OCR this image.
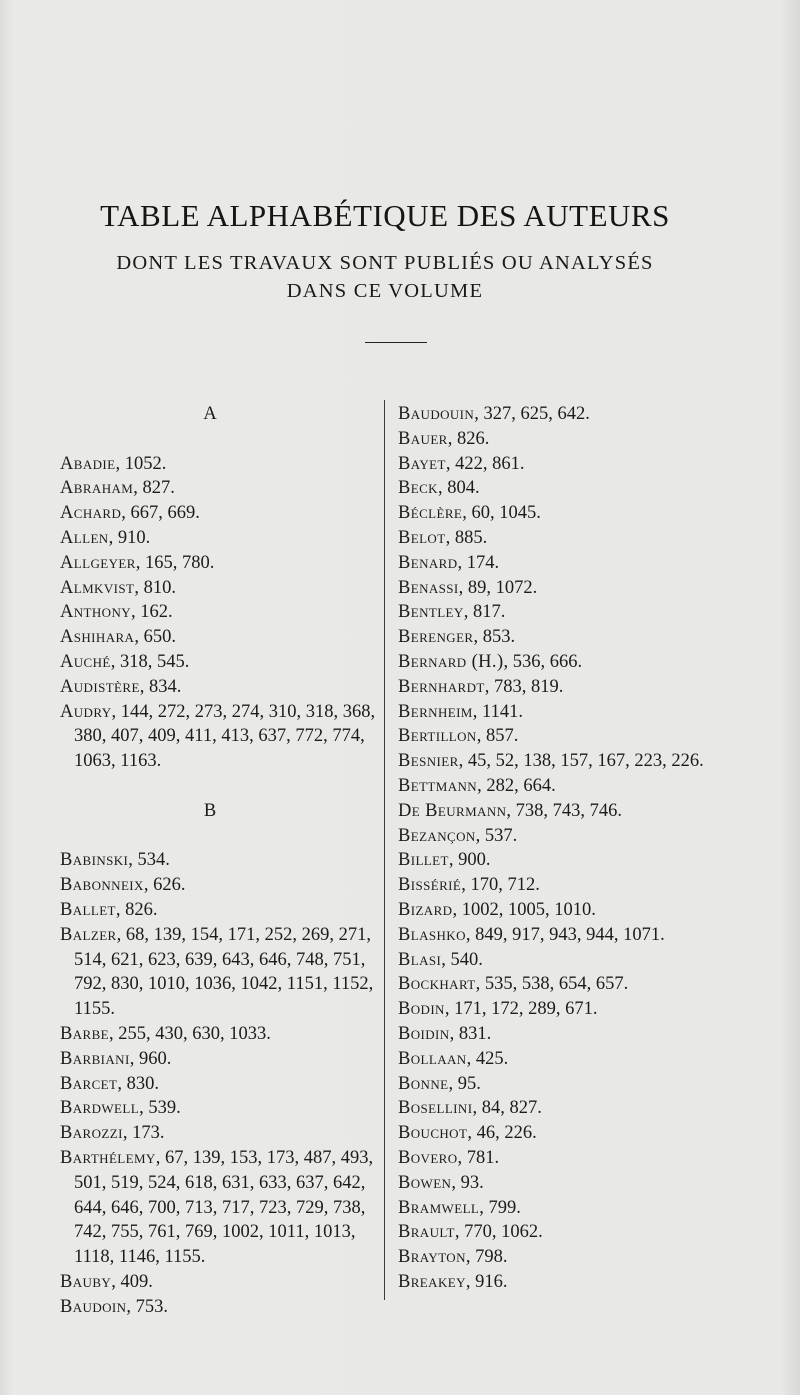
TABLE ALPHABÉTIQUE DES AUTEURS
DONT LES TRAVAUX SONT PUBLIÉS OU ANALYSÉS
DANS CE VOLUME
A
Abadie, 1052.
Abraham, 827.
Achard, 667, 669.
Allen, 910.
Allgeyer, 165, 780.
Almkvist, 810.
Anthony, 162.
Ashihara, 650.
Auché, 318, 545.
Audistère, 834.
Audry, 144, 272, 273, 274, 310, 318, 368, 380, 407, 409, 411, 413, 637, 772, 774, 1063, 1163.
B
Babinski, 534.
Babonneix, 626.
Ballet, 826.
Balzer, 68, 139, 154, 171, 252, 269, 271, 514, 621, 623, 639, 643, 646, 748, 751, 792, 830, 1010, 1036, 1042, 1151, 1152, 1155.
Barbe, 255, 430, 630, 1033.
Barbiani, 960.
Barcet, 830.
Bardwell, 539.
Barozzi, 173.
Barthélemy, 67, 139, 153, 173, 487, 493, 501, 519, 524, 618, 631, 633, 637, 642, 644, 646, 700, 713, 717, 723, 729, 738, 742, 755, 761, 769, 1002, 1011, 1013, 1118, 1146, 1155.
Bauby, 409.
Baudoin, 753.
Baudouin, 327, 625, 642.
Bauer, 826.
Bayet, 422, 861.
Beck, 804.
Béclère, 60, 1045.
Belot, 885.
Benard, 174.
Benassi, 89, 1072.
Bentley, 817.
Berenger, 853.
Bernard (H.), 536, 666.
Bernhardt, 783, 819.
Bernheim, 1141.
Bertillon, 857.
Besnier, 45, 52, 138, 157, 167, 223, 226.
Bettmann, 282, 664.
De Beurmann, 738, 743, 746.
Bezançon, 537.
Billet, 900.
Bissérié, 170, 712.
Bizard, 1002, 1005, 1010.
Blashko, 849, 917, 943, 944, 1071.
Blasi, 540.
Bockhart, 535, 538, 654, 657.
Bodin, 171, 172, 289, 671.
Boidin, 831.
Bollaan, 425.
Bonne, 95.
Bosellini, 84, 827.
Bouchot, 46, 226.
Bovero, 781.
Bowen, 93.
Bramwell, 799.
Brault, 770, 1062.
Brayton, 798.
Breakey, 916.
